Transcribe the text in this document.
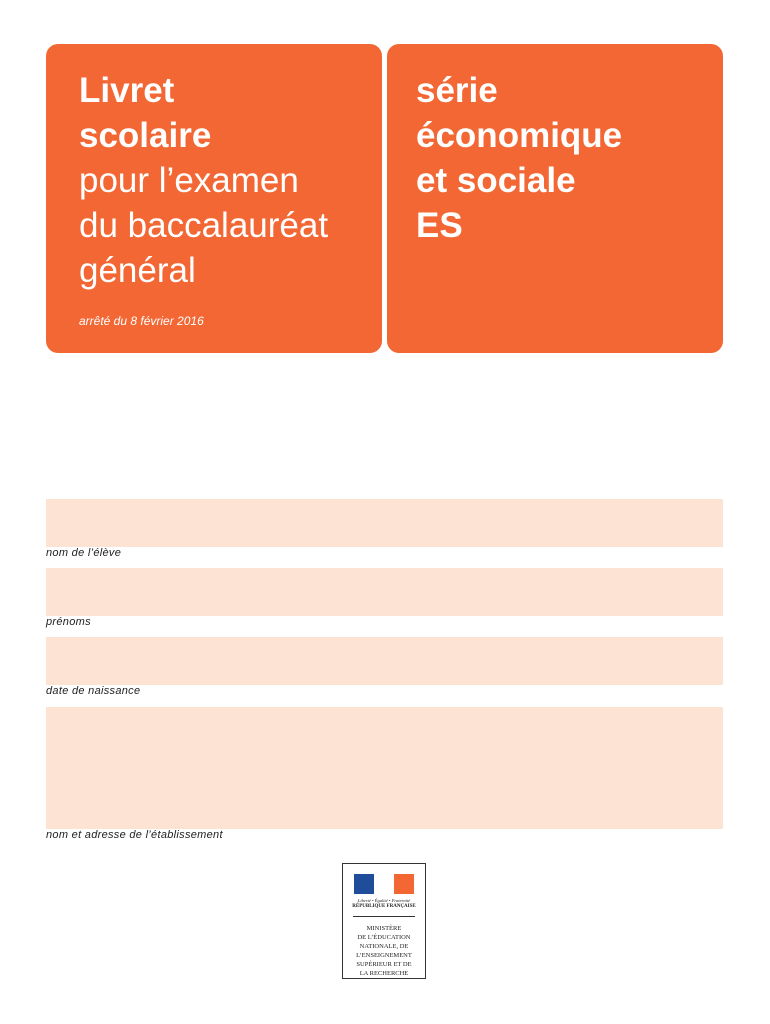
Livret
scolaire
pour l’examen
du baccalauréat
général
arrêté du 8 février 2016
série
économique
et sociale
ES
nom de l’élève
prénoms
date de naissance
nom et adresse de l’établissement
Liberté • Égalité • Fraternité
RÉPUBLIQUE FRANÇAISE
MINISTÈRE
DE L’ÉDUCATION
NATIONALE, DE
L’ENSEIGNEMENT
SUPÉRIEUR ET DE
LA RECHERCHE
